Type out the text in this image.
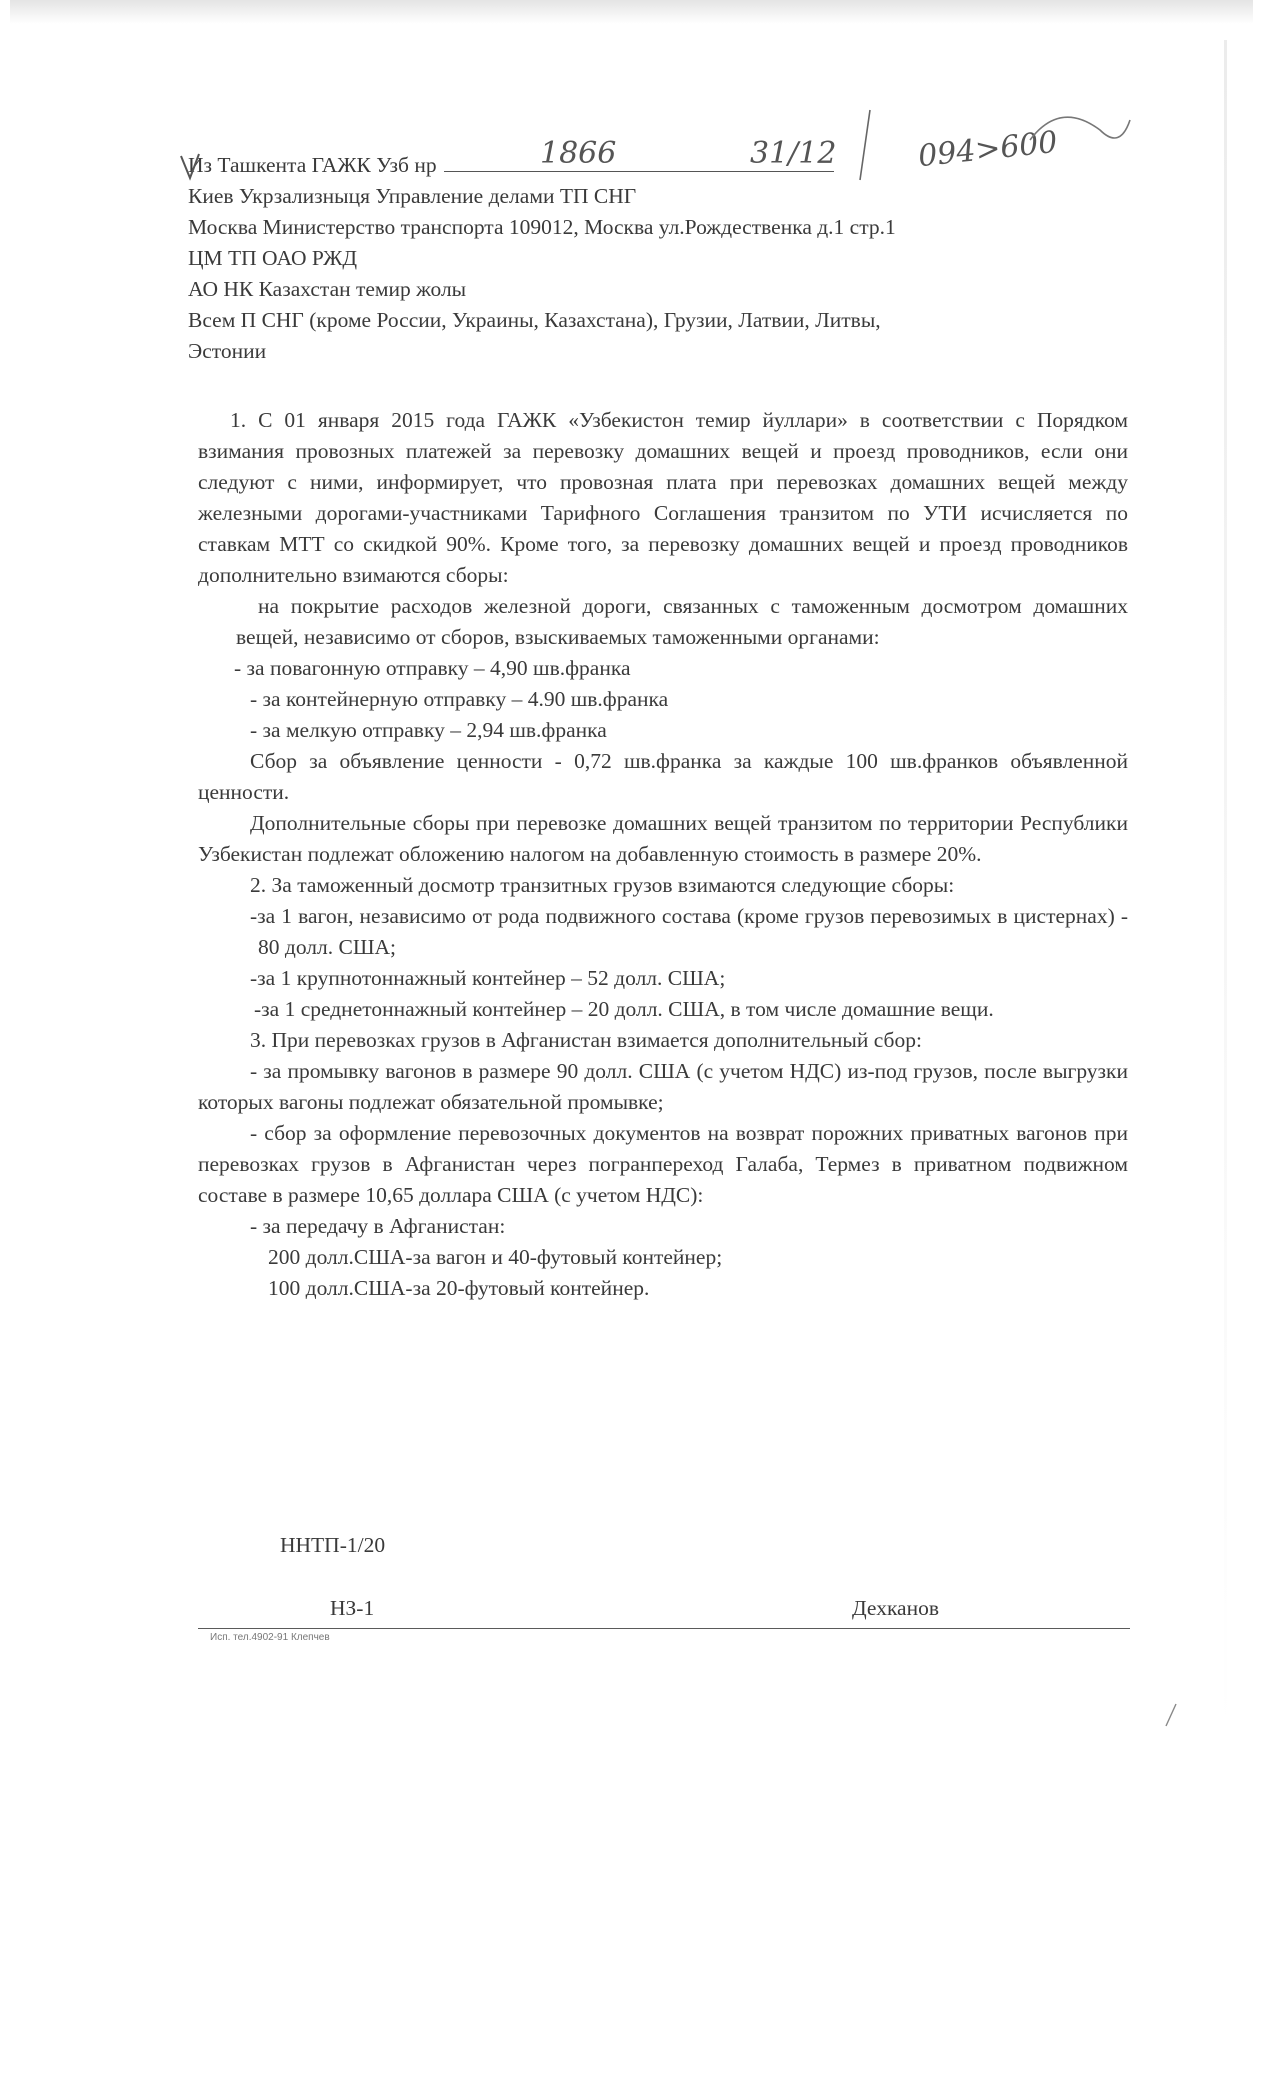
Из Ташкента ГАЖК Узб нр
Киев Укрзализныця Управление делами ТП СНГ
Москва Министерство транспорта 109012, Москва ул.Рождественка д.1 стр.1
ЦМ ТП ОАО РЖД
АО НК Казахстан темир жолы
Всем П СНГ (кроме России, Украины, Казахстана), Грузии, Латвии, Литвы,
Эстонии
1866	31/12	094>600

1. С 01 января 2015 года ГАЖК «Узбекистон темир йуллари» в соответствии с Порядком взимания провозных платежей за перевозку домашних вещей и проезд проводников, если они следуют с ними, информирует, что провозная плата при перевозках домашних вещей между железными дорогами-участниками Тарифного Соглашения транзитом по УТИ исчисляется по ставкам МТТ со скидкой 90%. Кроме того, за перевозку домашних вещей и проезд проводников дополнительно взимаются сборы:

на покрытие расходов железной дороги, связанных с таможенным досмотром домашних вещей, независимо от сборов, взыскиваемых таможенными органами:

- за повагонную отправку – 4,90 шв.франка

- за контейнерную отправку – 4.90 шв.франка

- за мелкую отправку – 2,94 шв.франка

Сбор за объявление ценности - 0,72 шв.франка за каждые 100 шв.франков объявленной ценности.

Дополнительные сборы при перевозке домашних вещей транзитом по территории Республики Узбекистан подлежат обложению налогом на добавленную стоимость в размере 20%.

2. За таможенный досмотр транзитных грузов взимаются следующие сборы:

-за 1 вагон, независимо от рода подвижного состава (кроме грузов перевозимых в цистернах) - 80 долл. США;

-за 1 крупнотоннажный контейнер – 52 долл. США;

-за 1 среднетоннажный контейнер – 20 долл. США, в том числе домашние вещи.

3. При перевозках грузов в Афганистан взимается дополнительный сбор:

- за промывку вагонов в размере 90 долл. США (с учетом НДС) из-под грузов, после выгрузки которых вагоны подлежат обязательной промывке;

- сбор за оформление перевозочных документов на возврат порожних приватных вагонов при перевозках грузов в Афганистан через погранпереход Галаба, Термез в приватном подвижном составе в размере 10,65 доллара США (с учетом НДС):

- за передачу в Афганистан:

200 долл.США-за вагон и 40-футовый контейнер;

100 долл.США-за 20-футовый контейнер.

ННТП-1/20
НЗ-1	Дехканов
Исп. тел.4902-91 Клепчев
